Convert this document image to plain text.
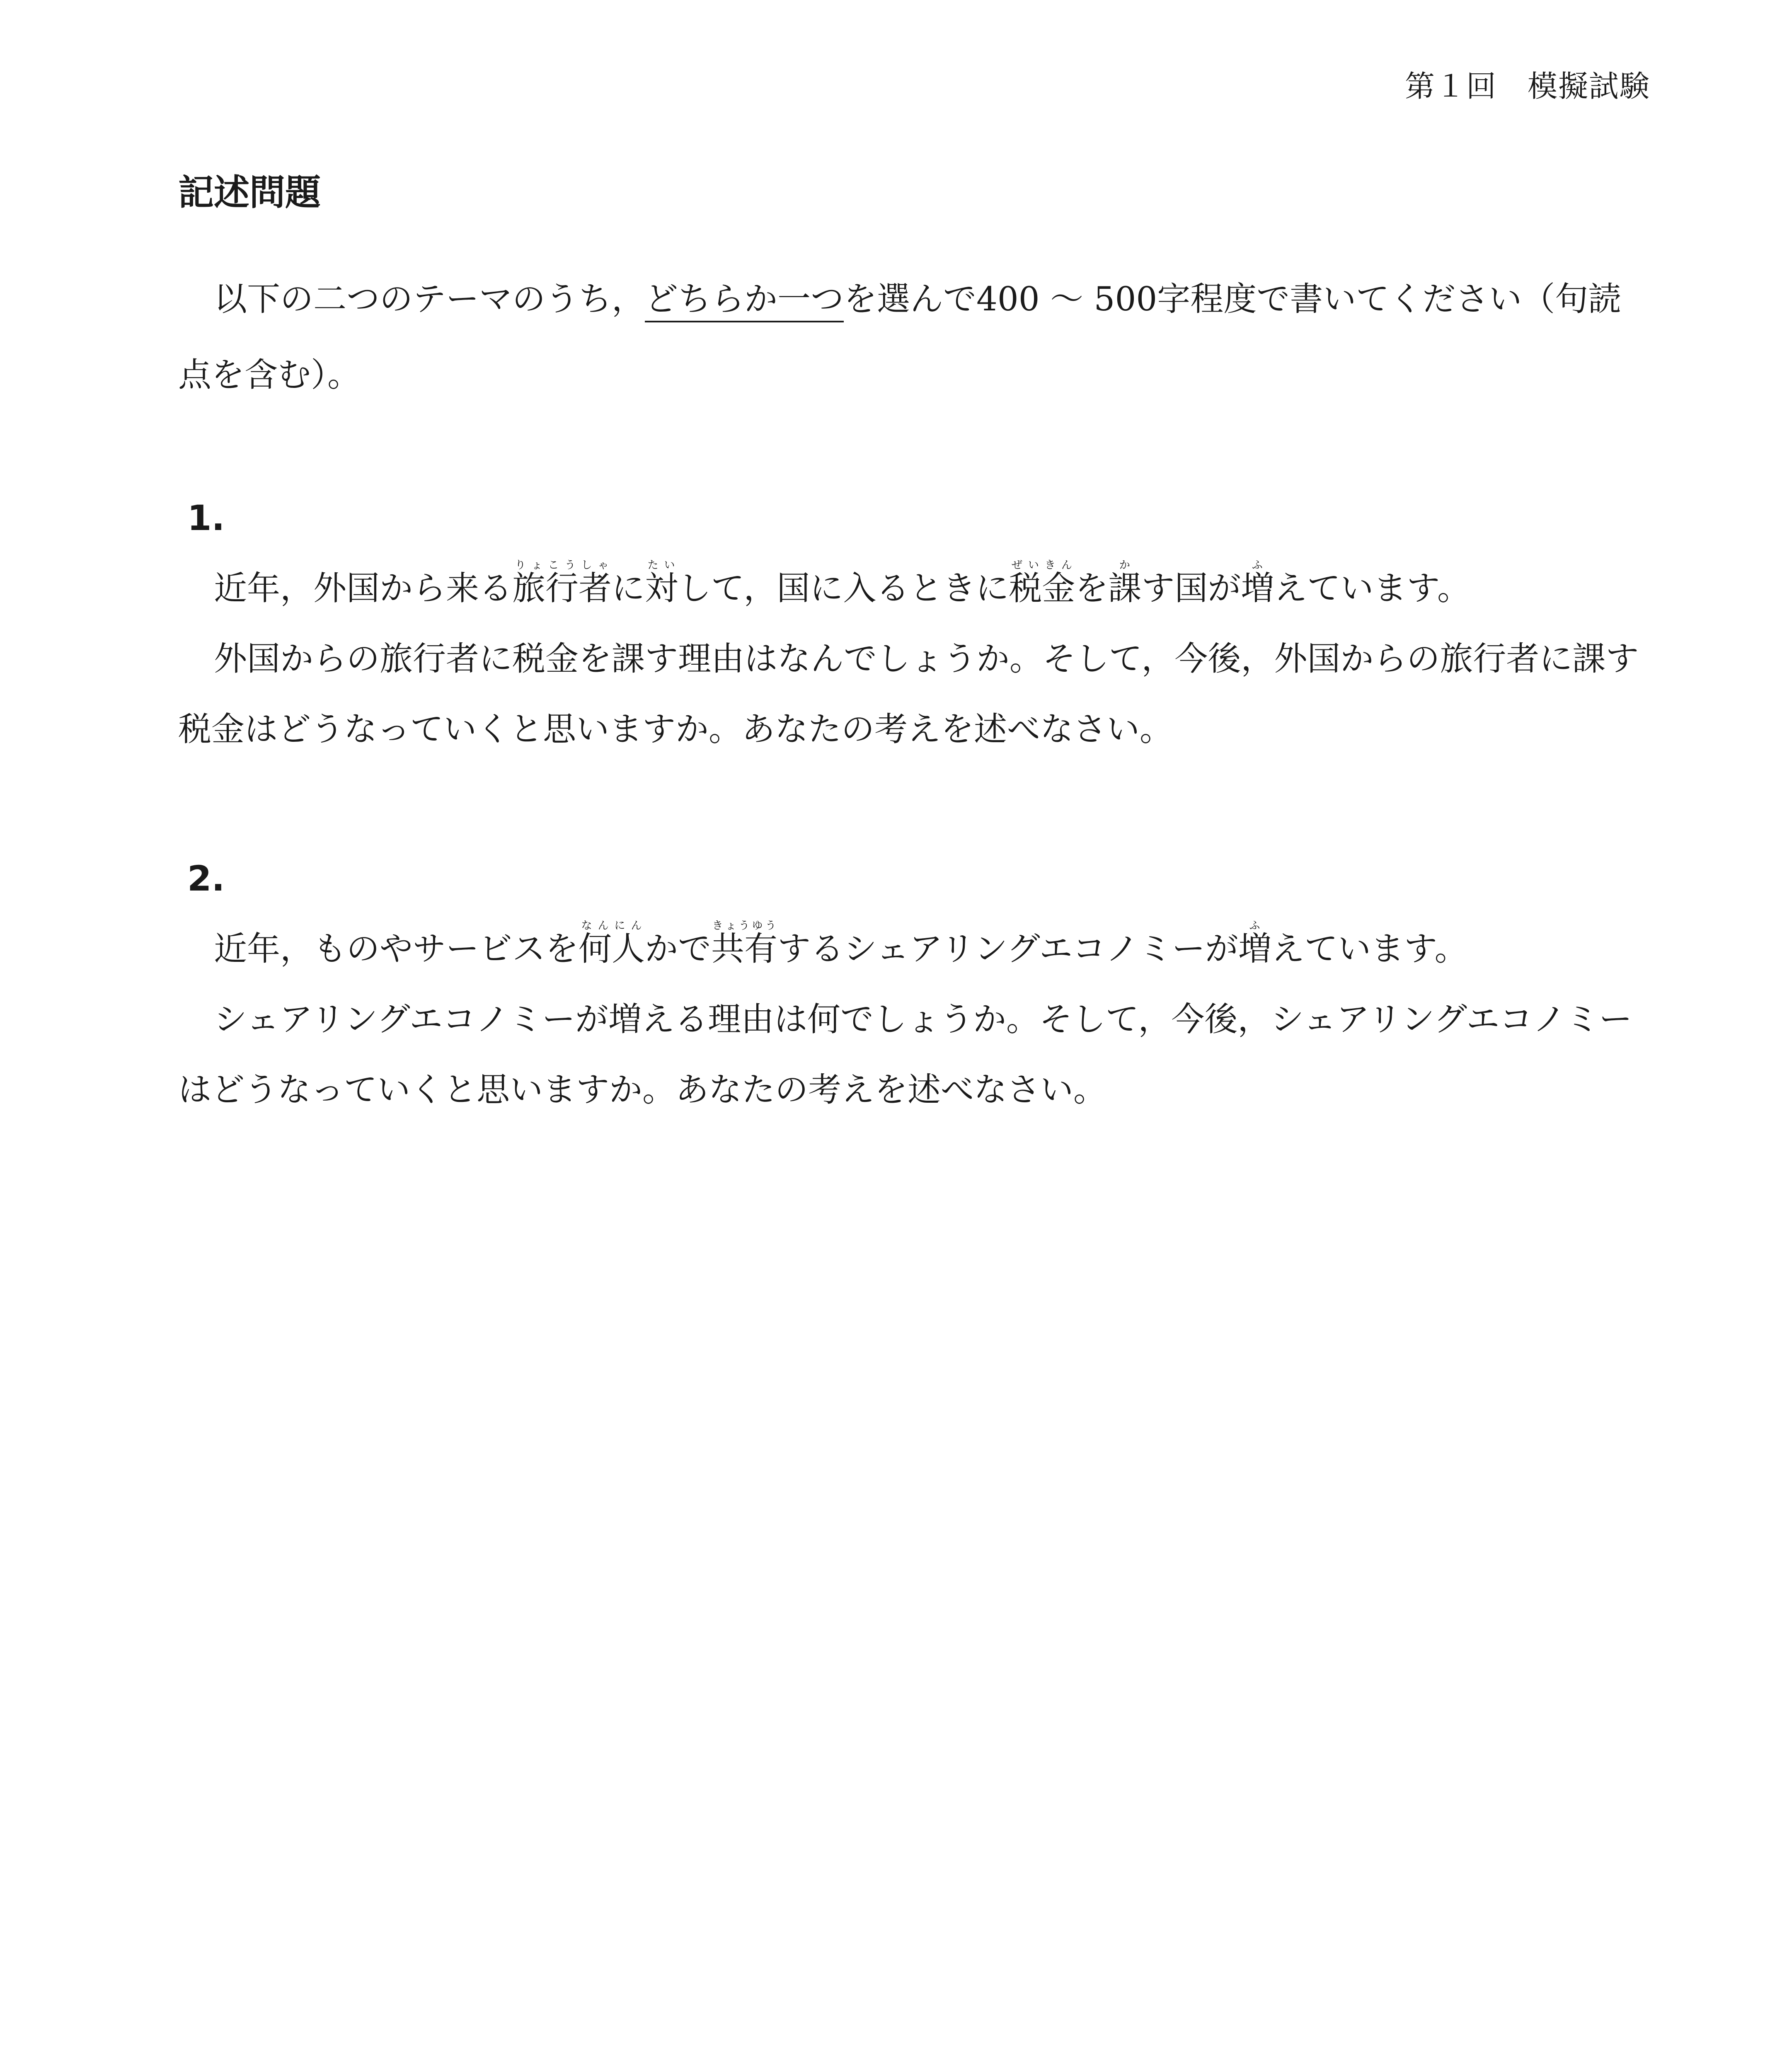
第１回　模擬試験
記述問題

以下の二つのテーマのうち，どちらか一つを選んで400 ～ 500字程度で書いてください（句読点を含む）。

1.

近年，外国から来る旅行者りょこうしゃに対たいして，国に入るときに税金ぜいきんを課かす国が増ふえています。

外国からの旅行者に税金を課す理由はなんでしょうか。そして，今後，外国からの旅行者に課す税金はどうなっていくと思いますか。あなたの考えを述べなさい。

2.

近年，ものやサービスを何人なんにんかで共有きょうゆうするシェアリングエコノミーが増ふえています。

シェアリングエコノミーが増える理由は何でしょうか。そして，今後，シェアリングエコノミーはどうなっていくと思いますか。あなたの考えを述べなさい。
